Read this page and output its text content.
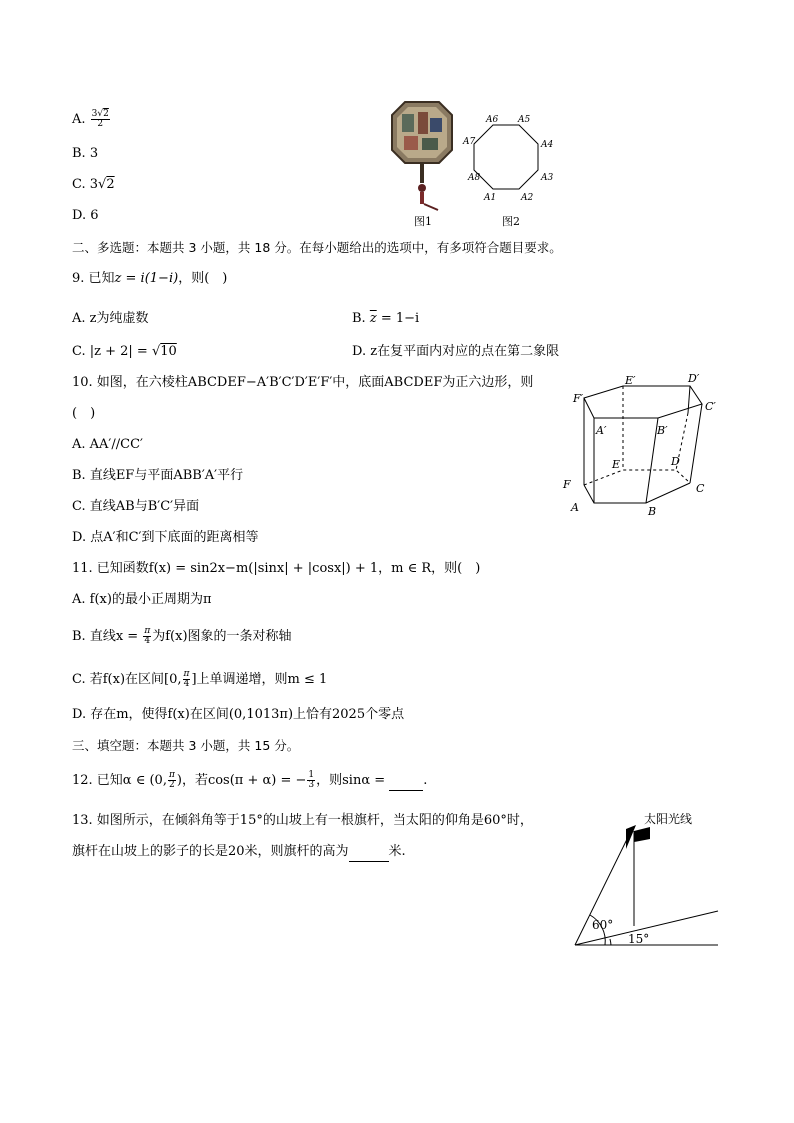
A. $\frac{3√2}{2}$
B. 3
C. 3√2
D. 6	图1
A6 A5
A7	A4
A8	A3
A1	A2
图2
二、多选题：本题共 3 小题，共 18 分。在每小题给出的选项中，有多项符合题目要求。
9. 已知z = i(1−i)，则(　)
A. z为纯虚数	B. $\overline{z} = 1-i$
C. |z + 2| = √10	D. z在复平面内对应的点在第二象限
10. 如图，在六棱柱ABCDEF−A′B′C′D′E′F′中，底面ABCDEF为正六边形，则
(　)
A. AA′//CC′
B. 直线EF与平面ABB′A′平行
C. 直线AB与B′C′异面
D. 点A′和C′到下底面的距离相等
F′
E′	D′
C′
A′	B′
E	D
F	C
A	B
11. 已知函数f(x) = sin2x−m(|sinx| + |cosx|) + 1，m ∈ R，则(　)
A. f(x)的最小正周期为π
B. 直线$x = \frac{\pi}{4}$ 为f(x)图象的一条对称轴
C. 若f(x)在区间[0, $\frac{\pi}{4}$ ]上单调递增，则m ≤ 1
D. 存在m，使得f(x)在区间(0,1013π)上恰有2025个零点
三、填空题：本题共 3 小题，共 15 分。
12. 已知α ∈ (0, $\frac{\pi}{2}$ )，若cos(π + α) = − $\frac{1}{3}$ ，则sinα =	.
13. 如图所示，在倾斜角等于15°的山坡上有一根旗杆，当太阳的仰角是60°时，
旗杆在山坡上的影子的长是20米，则旗杆的高为	米.
太阳光线
60°
15°
